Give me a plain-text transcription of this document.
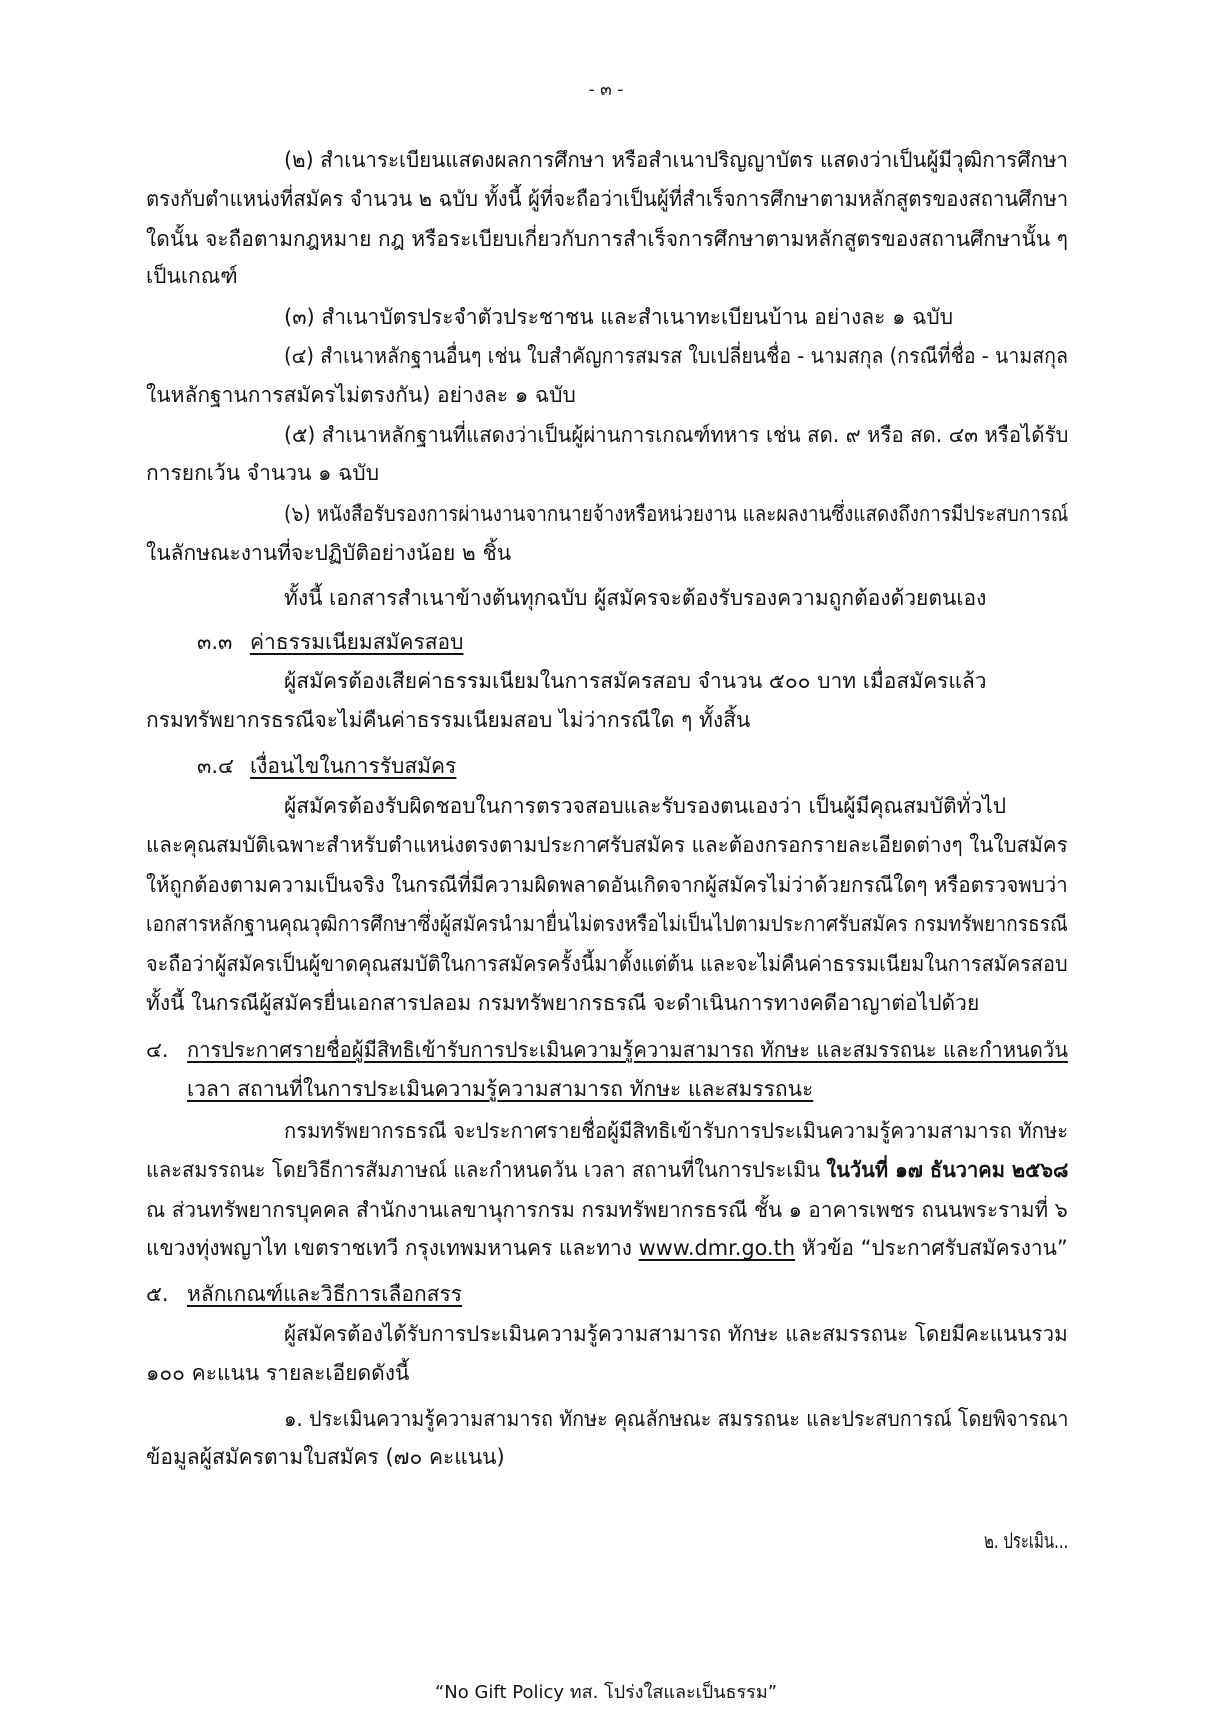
- ๓ -
(๒) สำเนาระเบียนแสดงผลการศึกษา หรือสำเนาปริญญาบัตร แสดงว่าเป็นผู้มีวุฒิการศึกษา
ตรงกับตำแหน่งที่สมัคร จำนวน ๒ ฉบับ ทั้งนี้ ผู้ที่จะถือว่าเป็นผู้ที่สำเร็จการศึกษาตามหลักสูตรของสถานศึกษา
ใดนั้น จะถือตามกฎหมาย กฎ หรือระเบียบเกี่ยวกับการสำเร็จการศึกษาตามหลักสูตรของสถานศึกษานั้น ๆ
เป็นเกณฑ์
(๓) สำเนาบัตรประจำตัวประชาชน และสำเนาทะเบียนบ้าน อย่างละ ๑ ฉบับ
(๔) สำเนาหลักฐานอื่นๆ เช่น ใบสำคัญการสมรส ใบเปลี่ยนชื่อ - นามสกุล (กรณีที่ชื่อ - นามสกุล
ในหลักฐานการสมัครไม่ตรงกัน) อย่างละ ๑ ฉบับ
(๕) สำเนาหลักฐานที่แสดงว่าเป็นผู้ผ่านการเกณฑ์ทหาร เช่น สด. ๙ หรือ สด. ๔๓ หรือได้รับ
การยกเว้น จำนวน ๑ ฉบับ
(๖) หนังสือรับรองการผ่านงานจากนายจ้างหรือหน่วยงาน และผลงานซึ่งแสดงถึงการมีประสบการณ์
ในลักษณะงานที่จะปฏิบัติอย่างน้อย ๒ ชิ้น
ทั้งนี้ เอกสารสำเนาข้างต้นทุกฉบับ ผู้สมัครจะต้องรับรองความถูกต้องด้วยตนเอง
๓.๓ ค่าธรรมเนียมสมัครสอบ
ผู้สมัครต้องเสียค่าธรรมเนียมในการสมัครสอบ จำนวน ๕๐๐ บาท เมื่อสมัครแล้ว
กรมทรัพยากรธรณีจะไม่คืนค่าธรรมเนียมสอบ ไม่ว่ากรณีใด ๆ ทั้งสิ้น
๓.๔ เงื่อนไขในการรับสมัคร
ผู้สมัครต้องรับผิดชอบในการตรวจสอบและรับรองตนเองว่า เป็นผู้มีคุณสมบัติทั่วไป
และคุณสมบัติเฉพาะสำหรับตำแหน่งตรงตามประกาศรับสมัคร และต้องกรอกรายละเอียดต่างๆ ในใบสมัคร
ให้ถูกต้องตามความเป็นจริง ในกรณีที่มีความผิดพลาดอันเกิดจากผู้สมัครไม่ว่าด้วยกรณีใดๆ หรือตรวจพบว่า
เอกสารหลักฐานคุณวุฒิการศึกษาซึ่งผู้สมัครนำมายื่นไม่ตรงหรือไม่เป็นไปตามประกาศรับสมัคร กรมทรัพยากรธรณี
จะถือว่าผู้สมัครเป็นผู้ขาดคุณสมบัติในการสมัครครั้งนี้มาตั้งแต่ต้น และจะไม่คืนค่าธรรมเนียมในการสมัครสอบ
ทั้งนี้ ในกรณีผู้สมัครยื่นเอกสารปลอม กรมทรัพยากรธรณี จะดำเนินการทางคดีอาญาต่อไปด้วย
๔. การประกาศรายชื่อผู้มีสิทธิเข้ารับการประเมินความรู้ความสามารถ ทักษะ และสมรรถนะ และกำหนดวัน
เวลา สถานที่ในการประเมินความรู้ความสามารถ ทักษะ และสมรรถนะ
กรมทรัพยากรธรณี จะประกาศรายชื่อผู้มีสิทธิเข้ารับการประเมินความรู้ความสามารถ ทักษะ
และสมรรถนะ โดยวิธีการสัมภาษณ์ และกำหนดวัน เวลา สถานที่ในการประเมิน ในวันที่ ๑๗ ธันวาคม ๒๕๖๘
ณ ส่วนทรัพยากรบุคคล สำนักงานเลขานุการกรม กรมทรัพยากรธรณี ชั้น ๑ อาคารเพชร ถนนพระรามที่ ๖
แขวงทุ่งพญาไท เขตราชเทวี กรุงเทพมหานคร และทาง www.dmr.go.th หัวข้อ “ประกาศรับสมัครงาน”
๕. หลักเกณฑ์และวิธีการเลือกสรร
ผู้สมัครต้องได้รับการประเมินความรู้ความสามารถ ทักษะ และสมรรถนะ โดยมีคะแนนรวม
๑๐๐ คะแนน รายละเอียดดังนี้
๑. ประเมินความรู้ความสามารถ ทักษะ คุณลักษณะ สมรรถนะ และประสบการณ์ โดยพิจารณา
ข้อมูลผู้สมัครตามใบสมัคร (๗๐ คะแนน)
๒. ประเมิน...
“No Gift Policy ทส. โปร่งใสและเป็นธรรม”
